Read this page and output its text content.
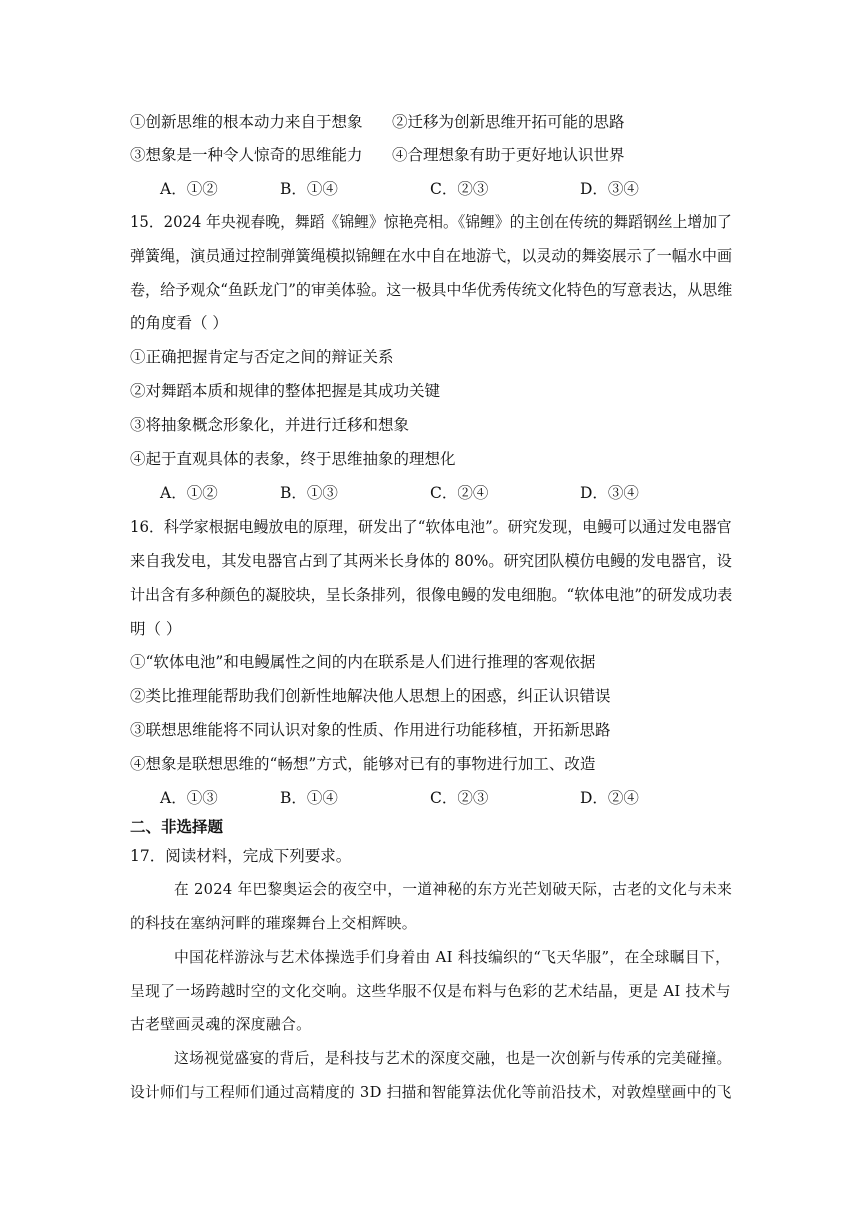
①创新思维的根本动力来自于想象 ②迁移为创新思维开拓可能的思路
③想象是一种令人惊奇的思维能力 ④合理想象有助于更好地认识世界
A．①②	B．①④	C．②③	D．③④
15．2024 年央视春晚，舞蹈《锦鲤》惊艳亮相。《锦鲤》的主创在传统的舞蹈钢丝上增加了
弹簧绳，演员通过控制弹簧绳模拟锦鲤在水中自在地游弋，以灵动的舞姿展示了一幅水中画
卷，给予观众“鱼跃龙门”的审美体验。这一极具中华优秀传统文化特色的写意表达，从思维
的角度看（ ）
①正确把握肯定与否定之间的辩证关系
②对舞蹈本质和规律的整体把握是其成功关键
③将抽象概念形象化，并进行迁移和想象
④起于直观具体的表象，终于思维抽象的理想化
A．①②	B．①③	C．②④	D．③④
16．科学家根据电鳗放电的原理，研发出了“软体电池”。研究发现，电鳗可以通过发电器官
来自我发电，其发电器官占到了其两米长身体的 80%。研究团队模仿电鳗的发电器官，设
计出含有多种颜色的凝胶块，呈长条排列，很像电鳗的发电细胞。“软体电池”的研发成功表
明（ ）
①“软体电池”和电鳗属性之间的内在联系是人们进行推理的客观依据
②类比推理能帮助我们创新性地解决他人思想上的困惑，纠正认识错误
③联想思维能将不同认识对象的性质、作用进行功能移植，开拓新思路
④想象是联想思维的“畅想”方式，能够对已有的事物进行加工、改造
A．①③	B．①④	C．②③	D．②④
二、非选择题
17．阅读材料，完成下列要求。
在 2024 年巴黎奥运会的夜空中，一道神秘的东方光芒划破天际，古老的文化与未来
的科技在塞纳河畔的璀璨舞台上交相辉映。
中国花样游泳与艺术体操选手们身着由 AI 科技编织的“飞天华服”，在全球瞩目下，
呈现了一场跨越时空的文化交响。这些华服不仅是布料与色彩的艺术结晶，更是 AI 技术与
古老壁画灵魂的深度融合。
这场视觉盛宴的背后，是科技与艺术的深度交融，也是一次创新与传承的完美碰撞。
设计师们与工程师们通过高精度的 3D 扫描和智能算法优化等前沿技术，对敦煌壁画中的飞
